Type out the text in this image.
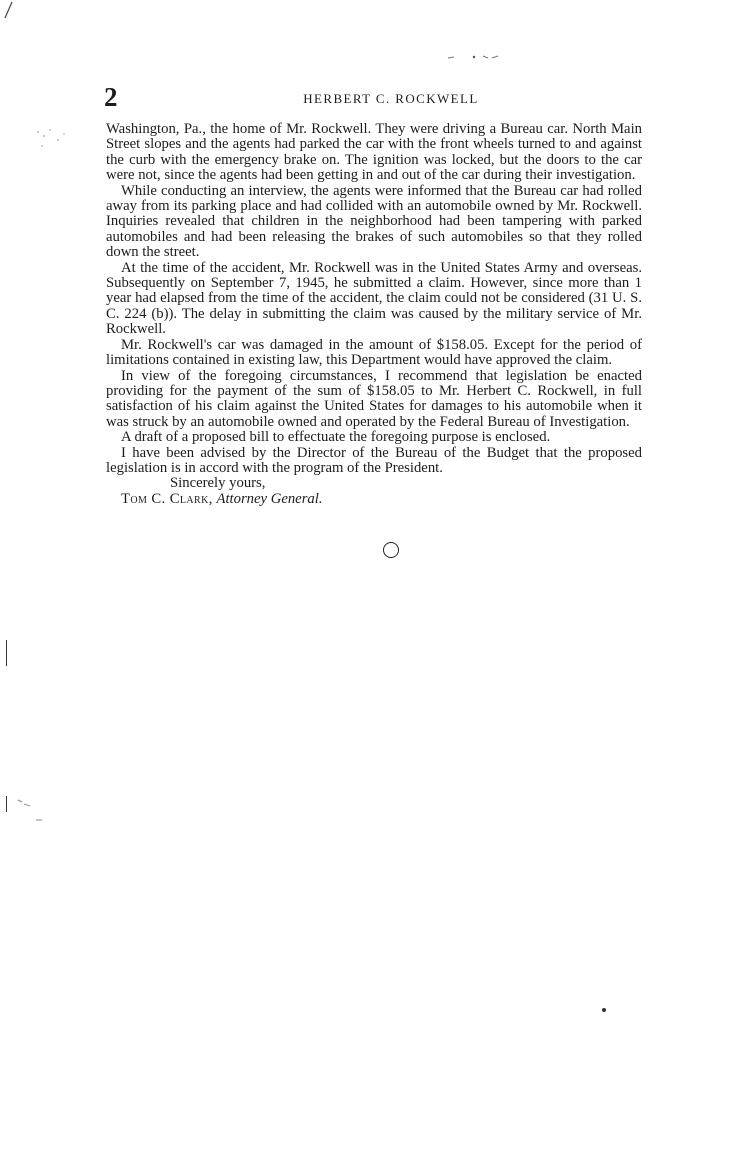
2	HERBERT C. ROCKWELL

Washington, Pa., the home of Mr. Rockwell. They were driving a Bureau car. North Main Street slopes and the agents had parked the car with the front wheels turned to and against the curb with the emergency brake on. The ignition was locked, but the doors to the car were not, since the agents had been getting in and out of the car during their investigation.

While conducting an interview, the agents were informed that the Bureau car had rolled away from its parking place and had collided with an automobile owned by Mr. Rockwell. Inquiries revealed that children in the neighborhood had been tampering with parked automobiles and had been releasing the brakes of such automobiles so that they rolled down the street.

At the time of the accident, Mr. Rockwell was in the United States Army and overseas. Subsequently on September 7, 1945, he submitted a claim. However, since more than 1 year had elapsed from the time of the accident, the claim could not be considered (31 U. S. C. 224 (b)). The delay in submitting the claim was caused by the military service of Mr. Rockwell.

Mr. Rockwell's car was damaged in the amount of $158.05. Except for the period of limitations contained in existing law, this Department would have approved the claim.

In view of the foregoing circumstances, I recommend that legislation be enacted providing for the payment of the sum of $158.05 to Mr. Herbert C. Rockwell, in full satisfaction of his claim against the United States for damages to his automobile when it was struck by an automobile owned and operated by the Federal Bureau of Investigation.

A draft of a proposed bill to effectuate the foregoing purpose is enclosed.

I have been advised by the Director of the Bureau of the Budget that the proposed legislation is in accord with the program of the President.

Sincerely yours,

Tom C. Clark, Attorney General.
